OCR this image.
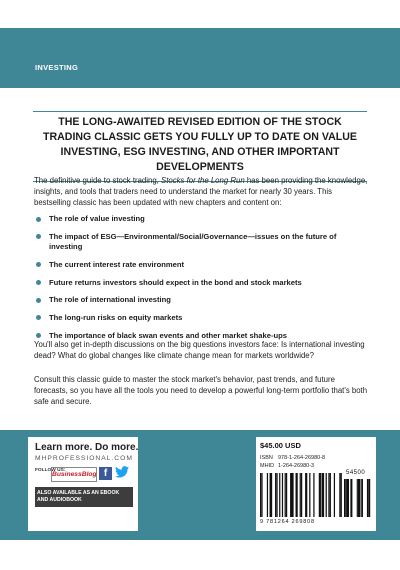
INVESTING
THE LONG-AWAITED REVISED EDITION OF THE STOCK TRADING CLASSIC GETS YOU FULLY UP TO DATE ON VALUE INVESTING, ESG INVESTING, AND OTHER IMPORTANT DEVELOPMENTS

The definitive guide to stock trading, Stocks for the Long Run has been providing the knowledge, insights, and tools that traders need to understand the market for nearly 30 years. This bestselling classic has been updated with new chapters and content on:

The role of value investing
The impact of ESG—Environmental/Social/Governance—issues on the future of investing
The current interest rate environment
Future returns investors should expect in the bond and stock markets
The role of international investing
The long-run risks on equity markets
The importance of black swan events and other market shake-ups

You'll also get in-depth discussions on the big questions investors face: Is international investing dead? What do global changes like climate change mean for markets worldwide?

Consult this classic guide to master the stock market's behavior, past trends, and future forecasts, so you have all the tools you need to develop a powerful long-term portfolio that's both safe and secure.

Learn more. Do more.
MHPROFESSIONAL.COM
FOLLOW US:
BusinessBlog f
ALSO AVAILABLE AS AN EBOOK AND AUDIOBOOK
$45.00 USD
ISBN 978-1-264-26980-8
MHID 1-264-26980-3
54500
9 781264 269808
